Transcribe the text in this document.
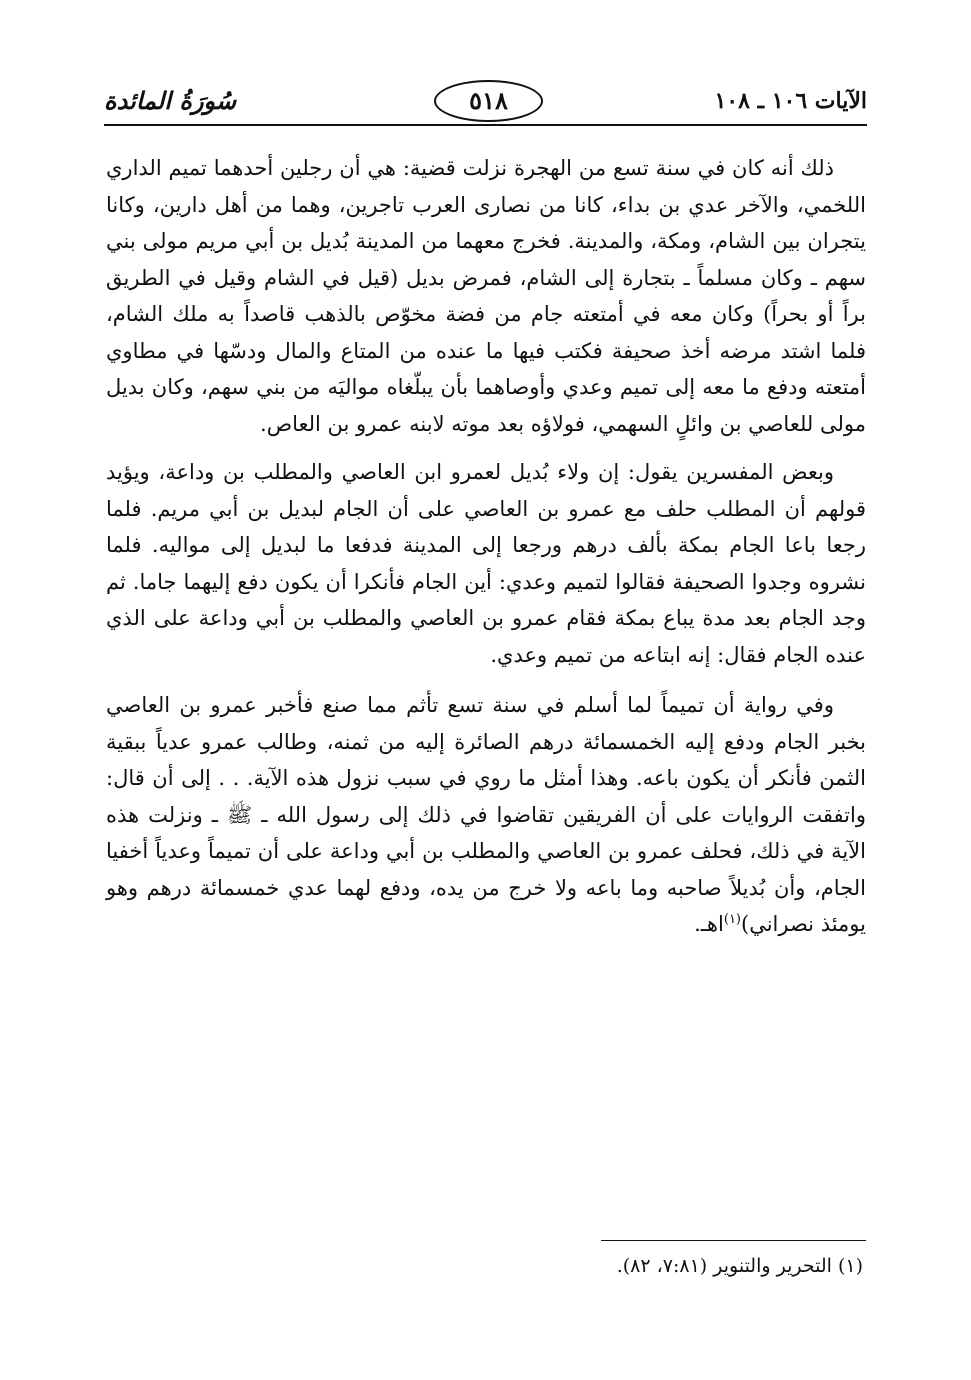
سُورَةُ المائدة	٥١٨	الآيات ١٠٦ ـ ١٠٨

ذلك أنه كان في سنة تسع من الهجرة نزلت قضية: هي أن رجلين أحدهما تميم الداري اللخمي، والآخر عدي بن بداء، كانا من نصارى العرب تاجرين، وهما من أهل دارين، وكانا يتجران بين الشام، ومكة، والمدينة. فخرج معهما من المدينة بُديل بن أبي مريم مولى بني سهم ـ وكان مسلماً ـ بتجارة إلى الشام، فمرض بديل (قيل في الشام وقيل في الطريق براً أو بحراً) وكان معه في أمتعته جام من فضة مخوّص بالذهب قاصداً به ملك الشام، فلما اشتد مرضه أخذ صحيفة فكتب فيها ما عنده من المتاع والمال ودسّها في مطاوي أمتعته ودفع ما معه إلى تميم وعدي وأوصاهما بأن يبلّغاه مواليَه من بني سهم، وكان بديل مولى للعاصي بن وائلٍ السهمي، فولاؤه بعد موته لابنه عمرو بن العاص.

وبعض المفسرين يقول: إن ولاء بُديل لعمرو ابن العاصي والمطلب بن وداعة، ويؤيد قولهم أن المطلب حلف مع عمرو بن العاصي على أن الجام لبديل بن أبي مريم. فلما رجعا باعا الجام بمكة بألف درهم ورجعا إلى المدينة فدفعا ما لبديل إلى مواليه. فلما نشروه وجدوا الصحيفة فقالوا لتميم وعدي: أين الجام فأنكرا أن يكون دفع إليهما جاما. ثم وجد الجام بعد مدة يباع بمكة فقام عمرو بن العاصي والمطلب بن أبي وداعة على الذي عنده الجام فقال: إنه ابتاعه من تميم وعدي.

وفي رواية أن تميماً لما أسلم في سنة تسع تأثم مما صنع فأخبر عمرو بن العاصي بخبر الجام ودفع إليه الخمسمائة درهم الصائرة إليه من ثمنه، وطالب عمرو عدياً ببقية الثمن فأنكر أن يكون باعه. وهذا أمثل ما روي في سبب نزول هذه الآية. . . إلى أن قال: واتفقت الروايات على أن الفريقين تقاضوا في ذلك إلى رسول الله ـ ﷺ ـ ونزلت هذه الآية في ذلك، فحلف عمرو بن العاصي والمطلب بن أبي وداعة على أن تميماً وعدياً أخفيا الجام، وأن بُديلاً صاحبه وما باعه ولا خرج من يده، ودفع لهما عدي خمسمائة درهم وهو يومئذ نصراني)$^{(١)}$اهـ.

(١) التحرير والتنوير (٧:٨١، ٨٢).
